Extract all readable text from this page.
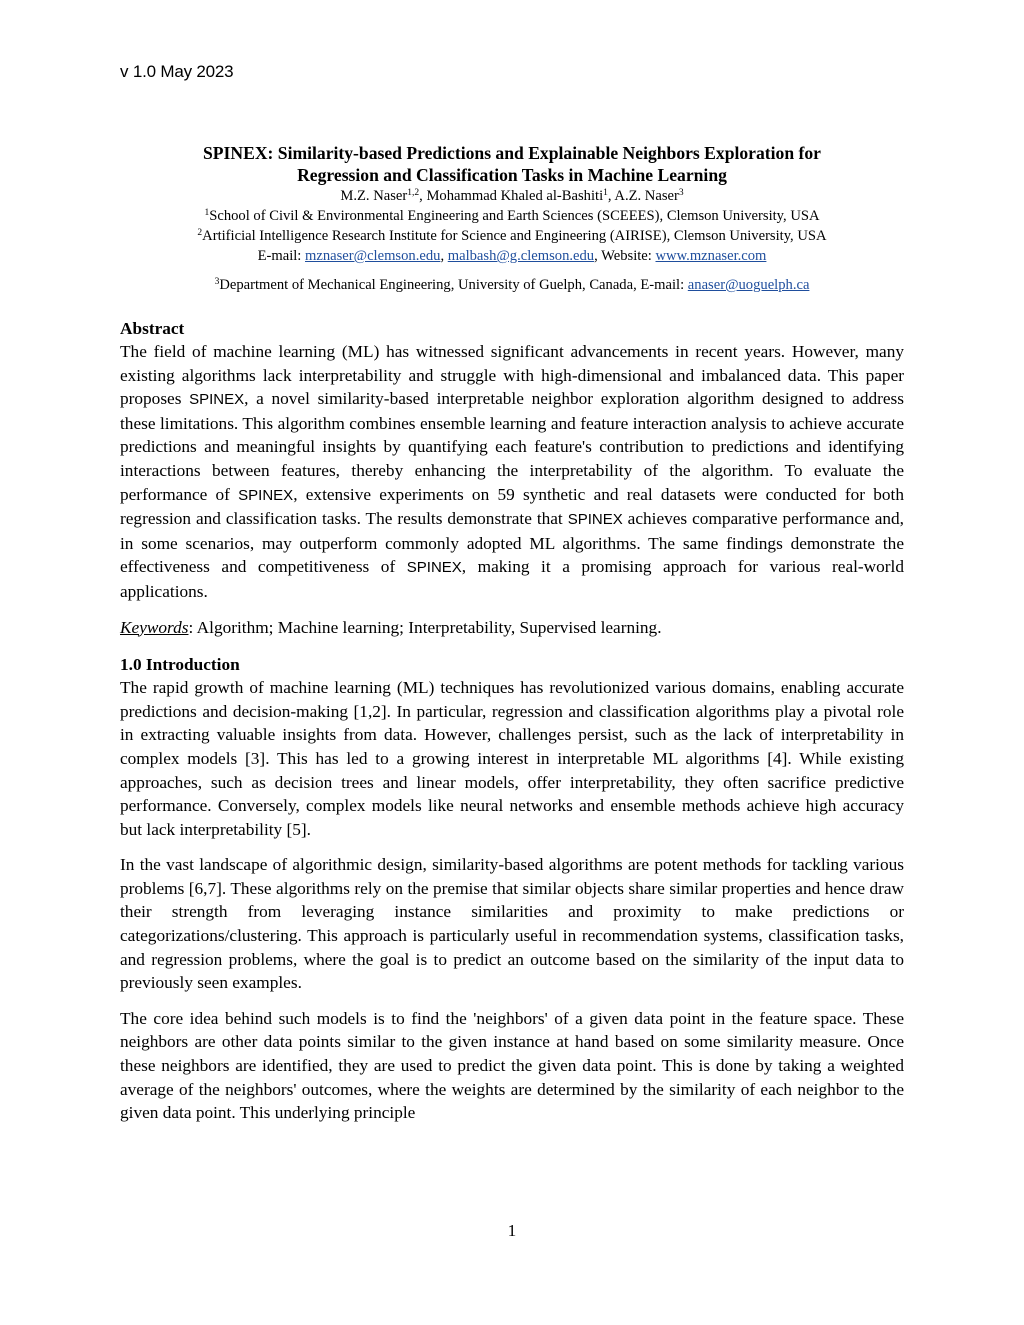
v 1.0 May 2023

SPINEX: Similarity-based Predictions and Explainable Neighbors Exploration for
Regression and Classification Tasks in Machine Learning

M.Z. Naser$^{1,2}$, Mohammad Khaled al-Bashiti$^1$, A.Z. Naser$^3$

$^1$School of Civil & Environmental Engineering and Earth Sciences (SCEEES), Clemson University, USA

$^2$Artificial Intelligence Research Institute for Science and Engineering (AIRISE), Clemson University, USA

E-mail: mznaser@clemson.edu, malbash@g.clemson.edu, Website: www.mznaser.com

$^3$Department of Mechanical Engineering, University of Guelph, Canada, E-mail: anaser@uoguelph.ca

Abstract

The field of machine learning (ML) has witnessed significant advancements in recent years. However, many existing algorithms lack interpretability and struggle with high-dimensional and imbalanced data. This paper proposes SPINEX, a novel similarity-based interpretable neighbor exploration algorithm designed to address these limitations. This algorithm combines ensemble learning and feature interaction analysis to achieve accurate predictions and meaningful insights by quantifying each feature's contribution to predictions and identifying interactions between features, thereby enhancing the interpretability of the algorithm. To evaluate the performance of SPINEX, extensive experiments on 59 synthetic and real datasets were conducted for both regression and classification tasks. The results demonstrate that SPINEX achieves comparative performance and, in some scenarios, may outperform commonly adopted ML algorithms. The same findings demonstrate the effectiveness and competitiveness of SPINEX, making it a promising approach for various real-world applications.

Keywords: Algorithm; Machine learning; Interpretability, Supervised learning.

1.0 Introduction

The rapid growth of machine learning (ML) techniques has revolutionized various domains, enabling accurate predictions and decision-making [1,2]. In particular, regression and classification algorithms play a pivotal role in extracting valuable insights from data. However, challenges persist, such as the lack of interpretability in complex models [3]. This has led to a growing interest in interpretable ML algorithms [4]. While existing approaches, such as decision trees and linear models, offer interpretability, they often sacrifice predictive performance. Conversely, complex models like neural networks and ensemble methods achieve high accuracy but lack interpretability [5].

In the vast landscape of algorithmic design, similarity-based algorithms are potent methods for tackling various problems [6,7]. These algorithms rely on the premise that similar objects share similar properties and hence draw their strength from leveraging instance similarities and proximity to make predictions or categorizations/clustering. This approach is particularly useful in recommendation systems, classification tasks, and regression problems, where the goal is to predict an outcome based on the similarity of the input data to previously seen examples.

The core idea behind such models is to find the 'neighbors' of a given data point in the feature space. These neighbors are other data points similar to the given instance at hand based on some similarity measure. Once these neighbors are identified, they are used to predict the given data point. This is done by taking a weighted average of the neighbors' outcomes, where the weights are determined by the similarity of each neighbor to the given data point. This underlying principle

1
